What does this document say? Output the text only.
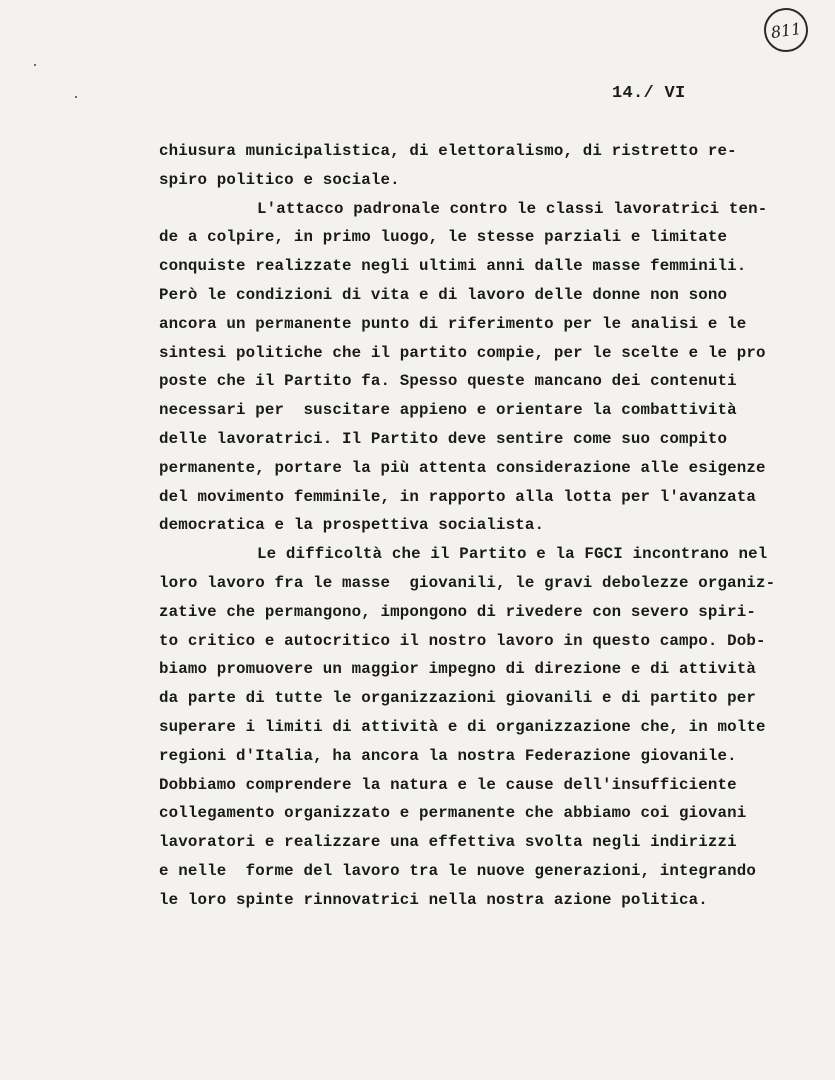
811
14./ VI
chiusura municipalistica, di elettoralismo, di ristretto re-
spiro politico e sociale.
L'attacco padronale contro le classi lavoratrici ten-
de a colpire, in primo luogo, le stesse parziali e limitate
conquiste realizzate negli ultimi anni dalle masse femminili.
Però le condizioni di vita e di lavoro delle donne non sono
ancora un permanente punto di riferimento per le analisi e le
sintesi politiche che il partito compie, per le scelte e le pro
poste che il Partito fa. Spesso queste mancano dei contenuti
necessari per  suscitare appieno e orientare la combattività
delle lavoratrici. Il Partito deve sentire come suo compito
permanente, portare la più attenta considerazione alle esigenze
del movimento femminile, in rapporto alla lotta per l'avanzata
democratica e la prospettiva socialista.
Le difficoltà che il Partito e la FGCI incontrano nel
loro lavoro fra le masse  giovanili, le gravi debolezze organiz-
zative che permangono, impongono di rivedere con severo spiri-
to critico e autocritico il nostro lavoro in questo campo. Dob-
biamo promuovere un maggior impegno di direzione e di attività
da parte di tutte le organizzazioni giovanili e di partito per
superare i limiti di attività e di organizzazione che, in molte
regioni d'Italia, ha ancora la nostra Federazione giovanile.
Dobbiamo comprendere la natura e le cause dell'insufficiente
collegamento organizzato e permanente che abbiamo coi giovani
lavoratori e realizzare una effettiva svolta negli indirizzi
e nelle  forme del lavoro tra le nuove generazioni, integrando
le loro spinte rinnovatrici nella nostra azione politica.
